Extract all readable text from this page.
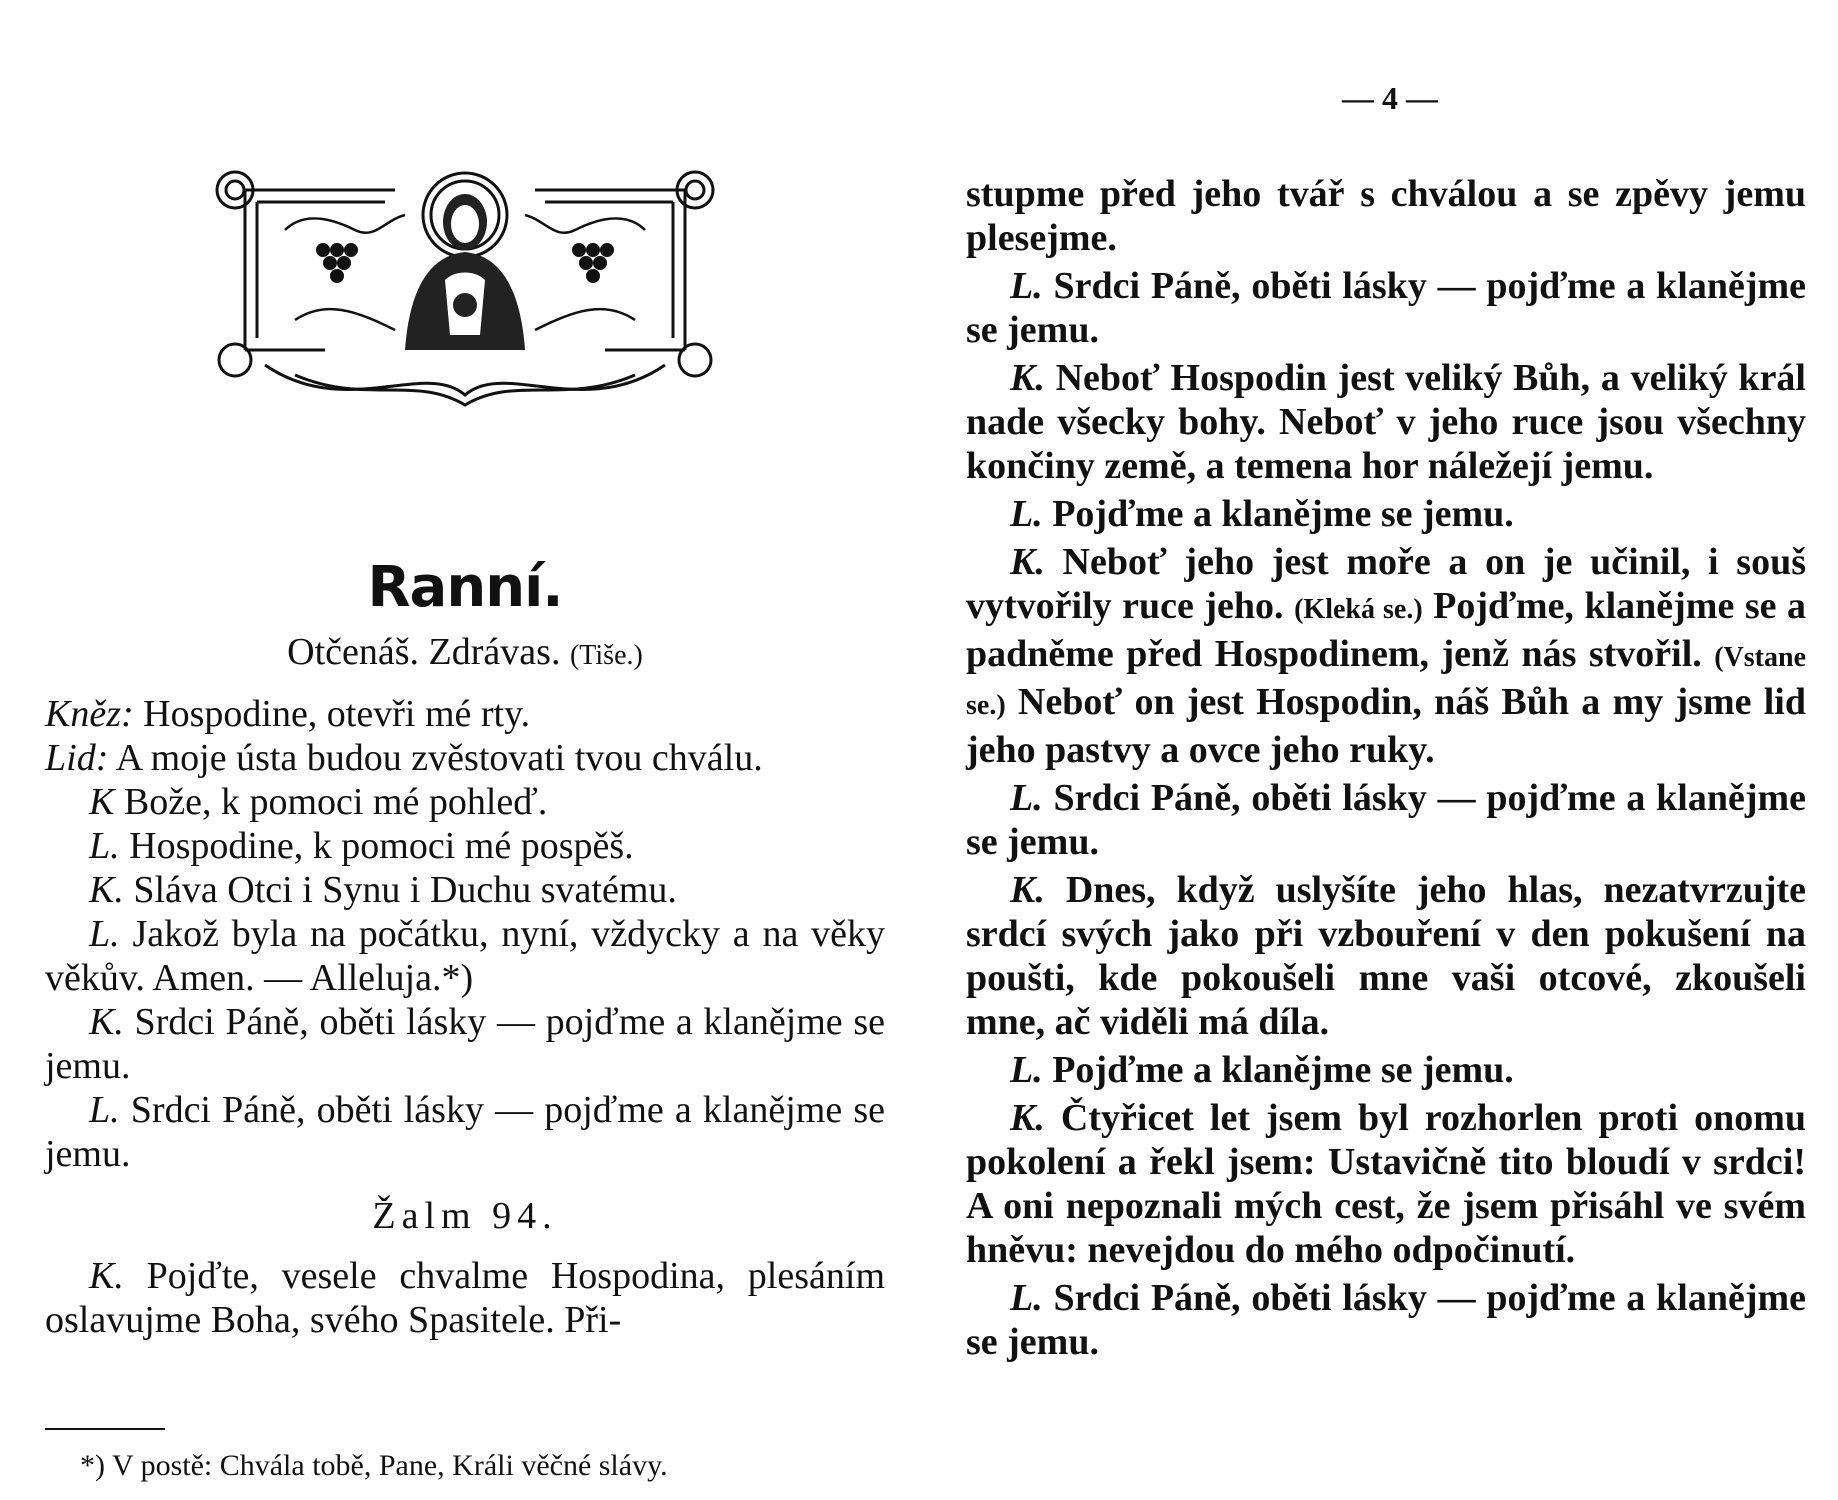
— 4 —
Ranní.
Otčenáš. Zdrávas. (Tiše.)

Kněz: Hospodine, otevři mé rty.

Lid: A moje ústa budou zvěstovati tvou chválu.

K Bože, k pomoci mé pohleď.

L. Hospodine, k pomoci mé pospěš.

K. Sláva Otci i Synu i Duchu svatému.

L. Jakož byla na počátku, nyní, vždycky a na věky věkův. Amen. — Alleluja.*)

K. Srdci Páně, oběti lásky — pojďme a klanějme se jemu.

L. Srdci Páně, oběti lásky — pojďme a klanějme se jemu.

Žalm 94.

K. Pojďte, vesele chvalme Hospodina, plesáním oslavujme Boha, svého Spasitele. Při-

*) V postě: Chvála tobě, Pane, Králi věčné slávy.

stupme před jeho tvář s chválou a se zpěvy jemu plesejme.

L. Srdci Páně, oběti lásky — pojďme a klanějme se jemu.

K. Neboť Hospodin jest veliký Bůh, a veliký král nade všecky bohy. Neboť v jeho ruce jsou všechny končiny země, a temena hor náležejí jemu.

L. Pojďme a klanějme se jemu.

K. Neboť jeho jest moře a on je učinil, i souš vytvořily ruce jeho. (Kleká se.) Pojďme, klanějme se a padněme před Hospodinem, jenž nás stvořil. (Vstane se.) Neboť on jest Hospodin, náš Bůh a my jsme lid jeho pastvy a ovce jeho ruky.

L. Srdci Páně, oběti lásky — pojďme a klanějme se jemu.

K. Dnes, když uslyšíte jeho hlas, nezatvrzujte srdcí svých jako při vzbouření v den pokušení na poušti, kde pokoušeli mne vaši otcové, zkoušeli mne, ač viděli má díla.

L. Pojďme a klanějme se jemu.

K. Čtyřicet let jsem byl rozhorlen proti onomu pokolení a řekl jsem: Ustavičně tito bloudí v srdci! A oni nepoznali mých cest, že jsem přisáhl ve svém hněvu: nevejdou do mého odpočinutí.

L. Srdci Páně, oběti lásky — pojďme a klanějme se jemu.
